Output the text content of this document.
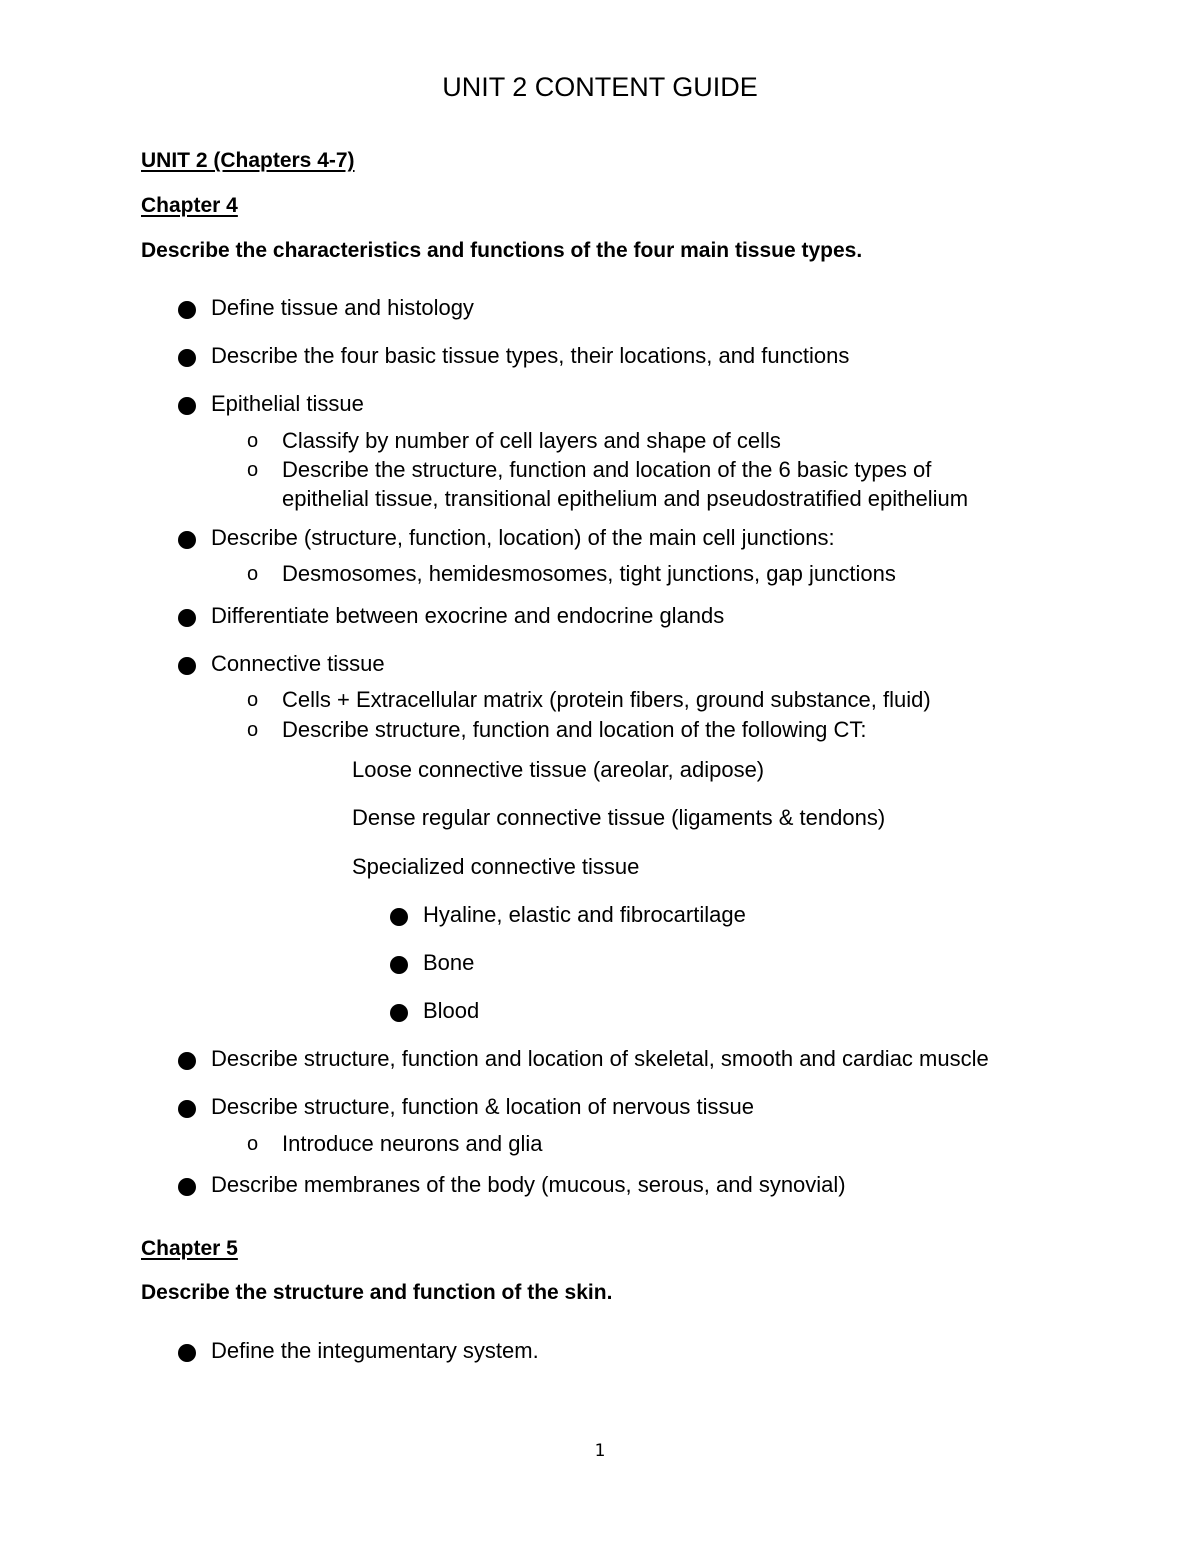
UNIT 2 CONTENT GUIDE
UNIT 2 (Chapters 4-7)
Chapter 4
Describe the characteristics and functions of the four main tissue types.
Define tissue and histology
Describe the four basic tissue types, their locations, and functions
Epithelial tissue
o Classify by number of cell layers and shape of cells
o Describe the structure, function and location of the 6 basic types of
epithelial tissue, transitional epithelium and pseudostratified epithelium
Describe (structure, function, location) of the main cell junctions:
o Desmosomes, hemidesmosomes, tight junctions, gap junctions
Differentiate between exocrine and endocrine glands
Connective tissue
o Cells + Extracellular matrix (protein fibers, ground substance, fluid)
o Describe structure, function and location of the following CT:
Loose connective tissue (areolar, adipose)
Dense regular connective tissue (ligaments & tendons)
Specialized connective tissue
Hyaline, elastic and fibrocartilage
Bone
Blood
Describe structure, function and location of skeletal, smooth and cardiac muscle
Describe structure, function & location of nervous tissue
o Introduce neurons and glia
Describe membranes of the body (mucous, serous, and synovial)
Chapter 5
Describe the structure and function of the skin.
Define the integumentary system.
1
